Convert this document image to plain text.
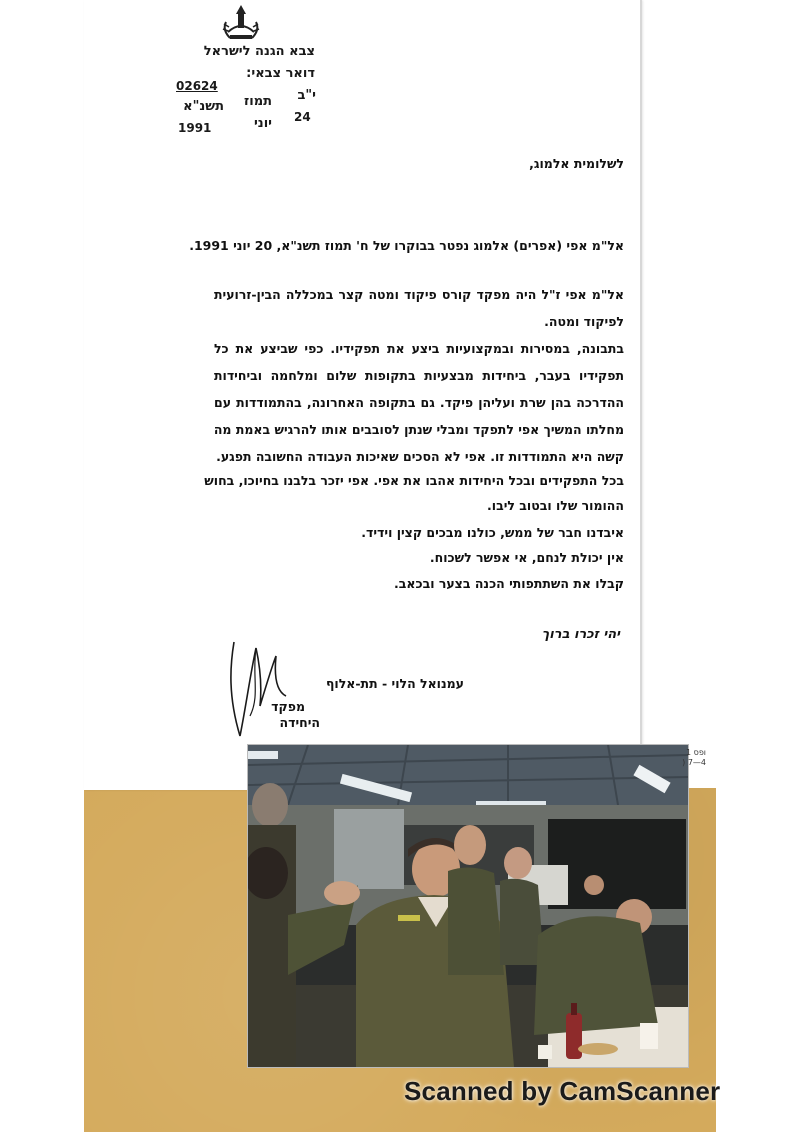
צבא הגנה לישראל
דואר צבאי:
02624
י"ב
תמוז
תשנ"א
24
יוני
1991
לשלומית אלמוג,
אל"מ אפי (אפרים) אלמוג נפטר בבוקרו של ח' תמוז תשנ"א, 20 יוני 1991.
אל"מ אפי ז"ל היה מפקד קורס פיקוד ומטה קצר במכללה הבין-זרועית
לפיקוד ומטה.
בתבונה, במסירות ובמקצועיות ביצע את תפקידיו. כפי שביצע את כל
תפקידיו בעבר, ביחידות מבצעיות בתקופות שלום ומלחמה וביחידות
ההדרכה בהן שרת ועליהן פיקד. גם בתקופה האחרונה, בהתמודדות עם
מחלתו המשיך אפי לתפקד ומבלי שנתן לסובבים אותו להרגיש באמת מה
קשה היא התמודדות זו. אפי לא הסכים שאיכות העבודה החשובה תפגע.
בכל התפקידים ובכל היחידות אהבו את אפי. אפי יזכר בלבנו בחיוכו, בחוש
ההומור שלו ובטוב ליבו.
איבדנו חבר של ממש, כולנו מבכים קצין וידיד.
אין יכולת לנחם, אי אפשר לשכוח.
קבלו את השתתפותי הכנה בצער ובכאב.
יהי זכרו ברוך
עמנואל הלוי - תת-אלוף
מפקד
היחידה
ופס 1
4—7 (
Scanned by CamScanner
